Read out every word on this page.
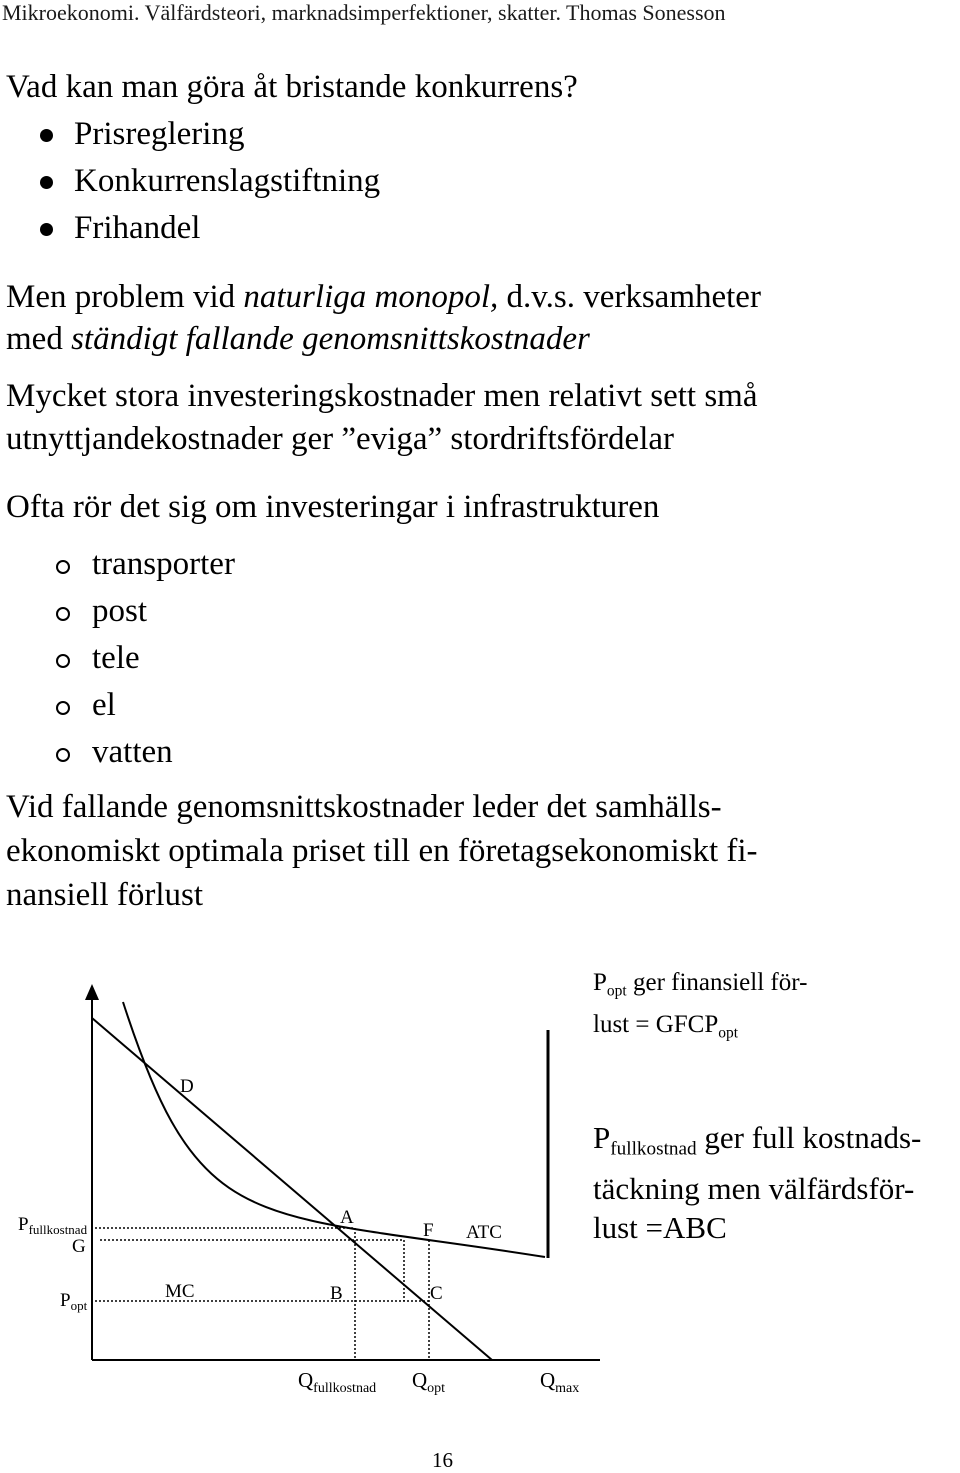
Mikroekonomi. Välfärdsteori, marknadsimperfektioner, skatter. Thomas Sonesson
Vad kan man göra åt bristande konkurrens?
Prisreglering
Konkurrenslagstiftning
Frihandel
Men problem vid naturliga monopol, d.v.s. verksamheter
med ständigt fallande genomsnittskostnader
Mycket stora investeringskostnader men relativt sett små
utnyttjandekostnader ger ”eviga” stordriftsfördelar
Ofta rör det sig om investeringar i infrastrukturen
transporter
post
tele
el
vatten
Vid fallande genomsnittskostnader leder det samhälls-
ekonomiskt optimala priset till en företagsekonomiskt fi-
nansiell förlust
D
A
F ATC
$P_{fullkostnad}$
G
MC	B	C
$P_{opt}$
$Q_{fullkostnad}$ $Q_{opt}$	$Q_{max}$
$P_{opt}$ ger finansiell för-
lust = $GFCP_{opt}$
$P_{fullkostnad}$ ger full kostnads-
täckning men välfärdsför-
lust =ABC
16
